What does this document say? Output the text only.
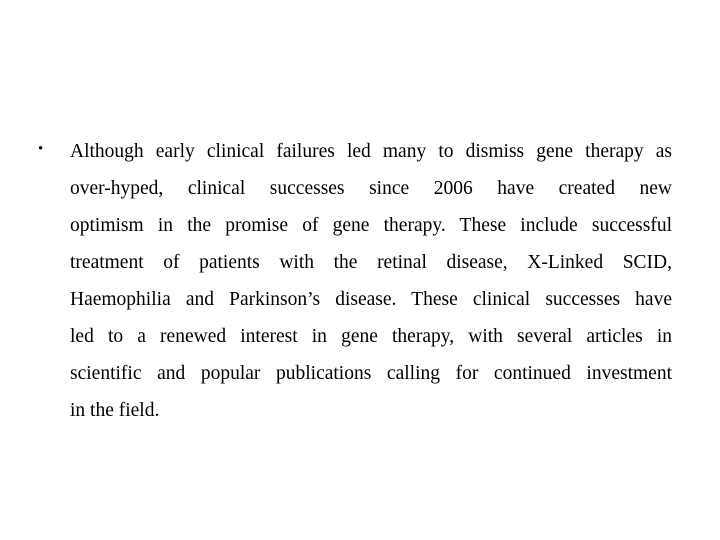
• Although early clinical failures led many to dismiss gene therapy as
over-hyped, clinical successes since 2006 have created new
optimism in the promise of gene therapy. These include successful
treatment of patients with the retinal disease, X-Linked SCID,
Haemophilia and Parkinson’s disease. These clinical successes have
led to a renewed interest in gene therapy, with several articles in
scientific and popular publications calling for continued investment
in the field.
